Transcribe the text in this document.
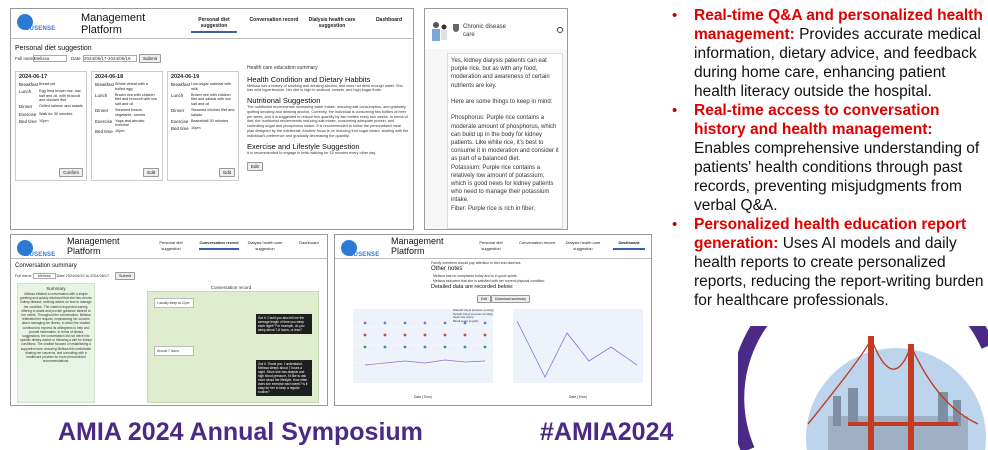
CUSENSE
Management
Platform
Personal diet suggestion
Conversation record	Dialysis health care suggestion
Dashboard
Personal diet suggestion
Full name Melissa	Date 2024/06/17-2024/06/19	Submit
2024-06-17
Breakfast Bread set
Lunch	Egg fried brown rice, low salt and oil, with broccoli and chicken filet
Dinner	Grilled salmon and salads
Exercise Walk for 30 minutes
Bed time 10pm
Confirm
2024-06-18
Breakfast Whole wheat with a boiled egg
Lunch	Brown rice with chicken filet and broccoli with low salt and oil
Dinner	Steamed beans, vegetable, carrots
Exercise Yoga and aerobic exercise
Bed time 10pm
Edit
2024-06-19
Breakfast Low-sugar oatmeal with milk
Lunch	Brown rice with chicken filet and salads with low salt and oil
Dinner	Steamed chicken filet and salads
Exercise Basketball 30 minutes
Bed time 10pm
Edit
Health care education summary
Health Condition and Dietary Habbits
Melissa has a history of smoking and drinking alcohol, and does not drink enough water. She has mild hypertension. Her diet is high in seafood, sweets, and high-sugar fruits.
Nutritional Suggestion
The nutritionist recommends increasing water intake, reducing salt consumption, and gradually quitting smoking and drinking alcohol. Currently, the individual is consuming two bottles of beer per week, and it is suggested to reduce this quantity by two bottles every two weeks. In terms of diet, the nutritionist recommends reducing salt intake, consuming adequate protein, and controlling sugar and phosphorus intake. It is recommended to follow the personalized meal plan designed by the nutritionist. Another focus is on reducing fruit sugar intake, starting with the individual's preference and gradually decreasing the quantity.
Exercise and Lifestyle Suggestion
It is recommended to engage in brisk walking for 15 minutes every other day.
Edit
Chronic disease
care
Yes, kidney dialysis patients can eat purple rice, but as with any food, moderation and awareness of certain nutrients are key.

Here are some things to keep in mind:

Phosphorus: Purple rice contains a moderate amount of phosphorus, which can build up in the body for kidney patients. Like white rice, it's best to consume it in moderation and consider it as part of a balanced diet.
Potassium: Purple rice contains a relatively low amount of potassium, which is good news for kidney patients who need to manage their potassium intake.
Fiber: Purple rice is rich in fiber,
CUSENSE
Management
Platform
Personal diet suggestion
Conversation record	Dialysis health care suggestion
Dashboard
Conversation summary
Full name Melissa Date 2024/06/10 to 2024/06/17	Submit
Summary
Melissa initiated a conversation with a simple greeting and quickly disclosed that she has chronic kidney disease, seeking advice on how to manage her condition. The chatbot responded warmly, offering to assist and provide guidance tailored to her needs. Throughout the conversation, Melissa reiterated her request, emphasizing her concern about managing her illness, to which the chatbot continued to express its willingness to help and provide information. In terms of dietary suggestions, the conversation did not delve into specific dietary advice or following a diet for kidney conditions. The chatbot focused on establishing a supportive tone, ensuring Melissa felt comfortable sharing her concerns, and consulting with a healthcare provider for more personalized recommendations.
Conversation record
I usually sleep at 11pm
Got it. Could you also tell me the average length of time you sleep each night? For example, do you sleep about 7-8 hours, or less?
Around 7 hours
Got it. Thank you. I understand. Melissa sleeps about 7 hours a night. Since she has dialysis and high blood pressure, I'd like to ask more about her lifestyle. How often does she exercise each week? Is it easy for her to keep a regular routine?
CUSENSE
Management
Platform
Personal diet suggestion
Conversation record	Dialysis health care suggestion
Dashboard
Family members should pay attention to diet and diarrhea.
Other notes
Melissa has no complaints today and is in good spirits.
Melissa indicated that she is satisfied with her current physical condition.
Detailed data are recorded below:
Edit	Download summary
Date (Time)
Diastolic blood pressure (mmHg)
Systolic blood pressure (mmHg)
Heart rate (bpm)
Blood sugar (mg/dL)
Date (Time)
• Real-time Q&A and personalized health management: Provides accurate medical information, dietary advice, and feedback during home care, enhancing patient health literacy outside the hospital.
• Real-time access to conversation history and health management: Enables comprehensive understanding of patients' health conditions through past records, preventing misjudgments from verbal Q&A.
• Personalized health education report generation: Uses AI models and daily health reports to create personalized reports, reducing the report-writing burden for healthcare professionals.
AMIA 2024 Annual Symposium	#AMIA2024
